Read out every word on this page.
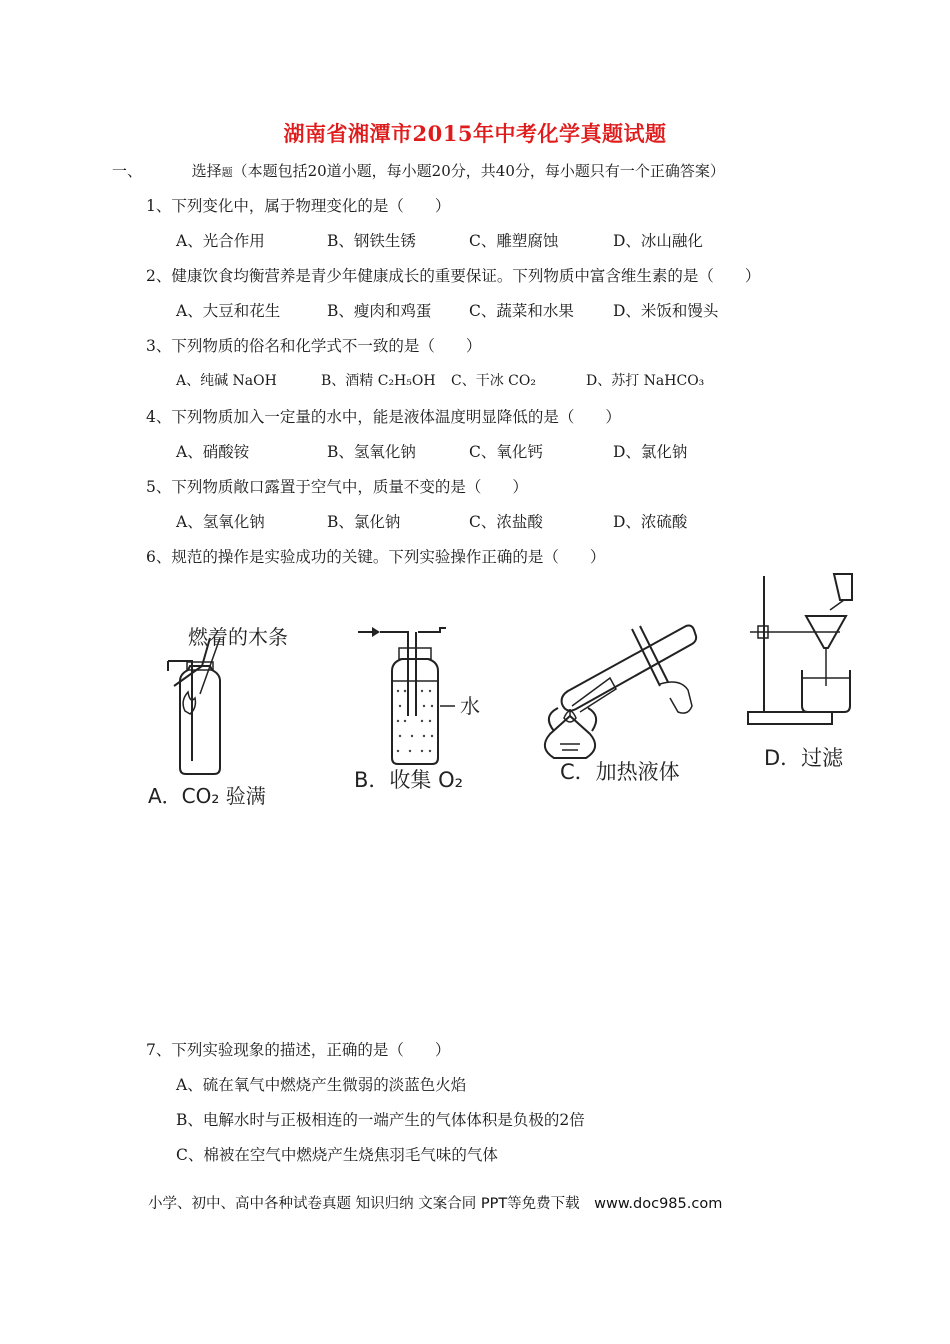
湖南省湘潭市2015年中考化学真题试题
一、	选择题（本题包括20道小题，每小题20分，共40分，每小题只有一个正确答案）
1、下列变化中，属于物理变化的是（　　）
A、光合作用	B、钢铁生锈	C、雕塑腐蚀	D、冰山融化
2、健康饮食均衡营养是青少年健康成长的重要保证。下列物质中富含维生素的是（　　）
A、大豆和花生	B、瘦肉和鸡蛋 C、蔬菜和水果	D、米饭和馒头
3、下列物质的俗名和化学式不一致的是（　　）
A、纯碱 NaOH	B、酒精 C₂H₅OH C、干冰 CO₂	D、苏打 NaHCO₃
4、下列物质加入一定量的水中，能是液体温度明显降低的是（　　）
A、硝酸铵	B、氢氧化钠	C、氧化钙	D、氯化钠
5、下列物质敞口露置于空气中，质量不变的是（　　）
A、氢氧化钠	B、氯化钠	C、浓盐酸	D、浓硫酸
6、规范的操作是实验成功的关键。下列实验操作正确的是（　　）
燃着的木条
水
A．CO₂ 验满
B．收集 O₂	C．加热液体
D．过滤
7、下列实验现象的描述，正确的是（　　）
A、硫在氧气中燃烧产生微弱的淡蓝色火焰
B、电解水时与正极相连的一端产生的气体体积是负极的2倍
C、棉被在空气中燃烧产生烧焦羽毛气味的气体
小学、初中、高中各种试卷真题 知识归纳 文案合同 PPT等免费下载　www.doc985.com
